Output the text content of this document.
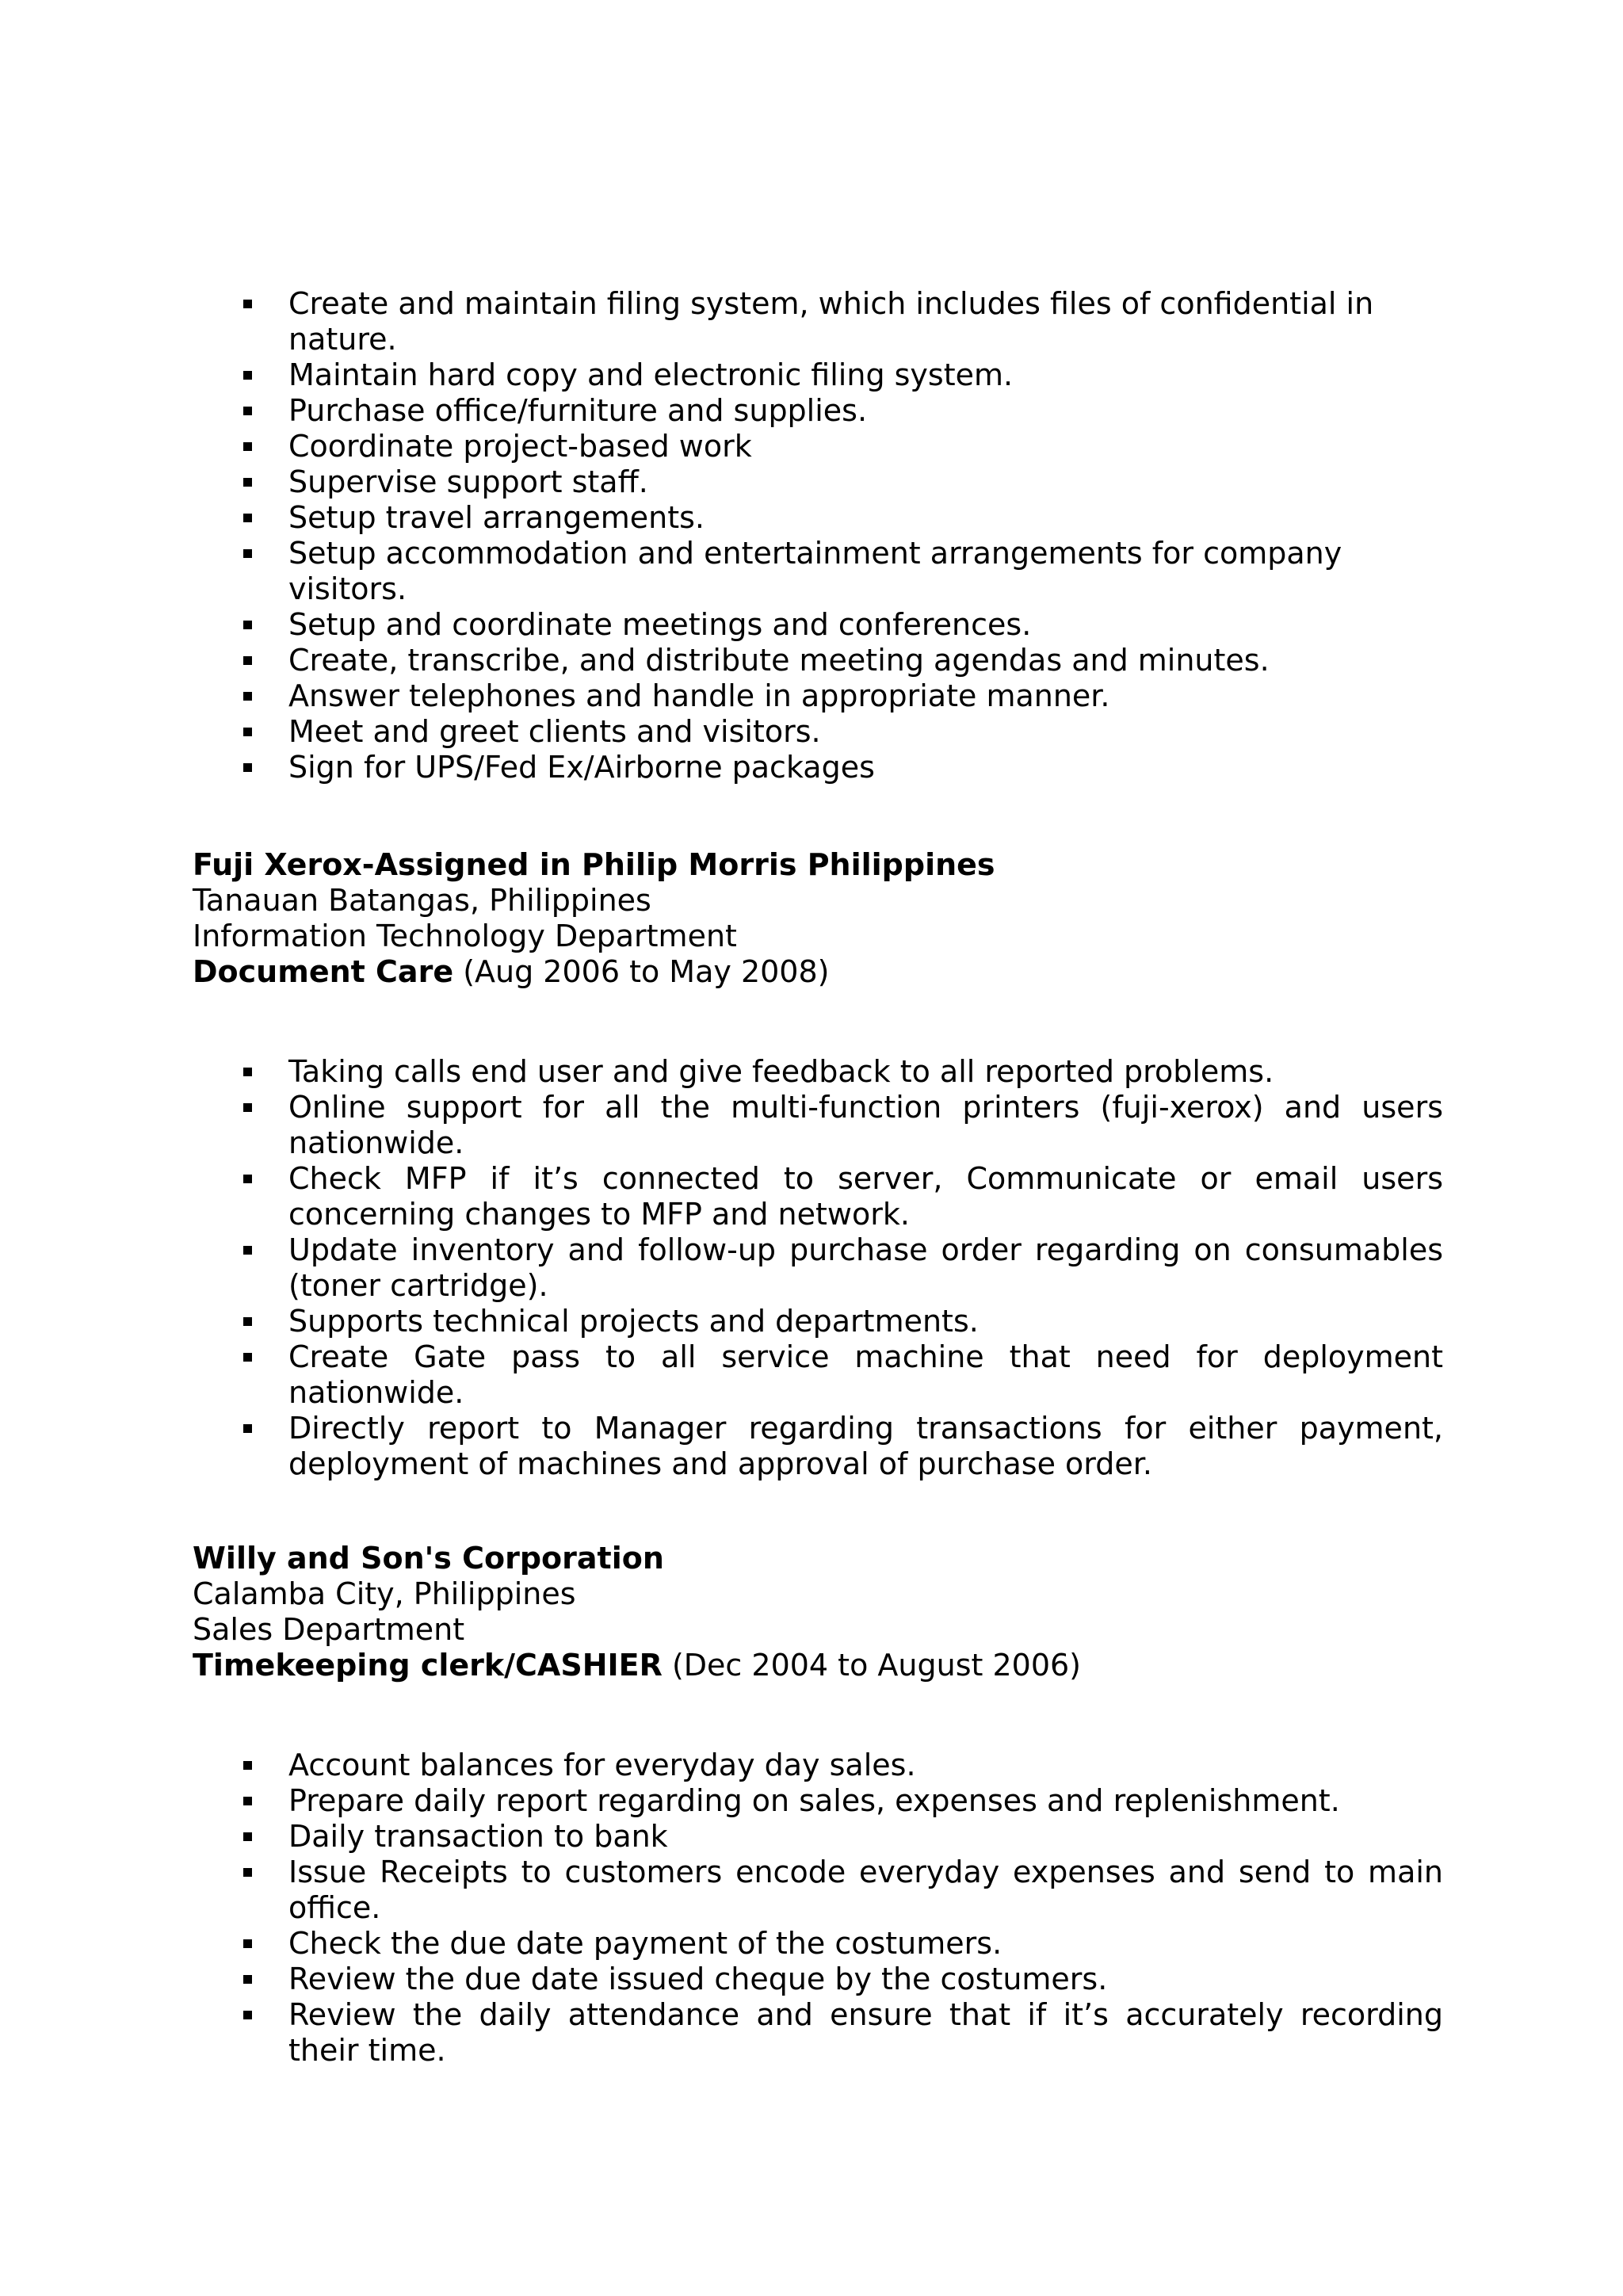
Create and maintain filing system, which includes files of confidential in nature.
Maintain hard copy and electronic filing system.
Purchase office/furniture and supplies.
Coordinate project-based work
Supervise support staff.
Setup travel arrangements.
Setup accommodation and entertainment arrangements for company visitors.
Setup and coordinate meetings and conferences.
Create, transcribe, and distribute meeting agendas and minutes.
Answer telephones and handle in appropriate manner.
Meet and greet clients and visitors.
Sign for UPS/Fed Ex/Airborne packages
Fuji Xerox-Assigned in Philip Morris Philippines
Tanauan Batangas, Philippines
Information Technology Department
Document Care (Aug 2006 to May 2008)
Taking calls end user and give feedback to all reported problems.
Online support for all the multi-function printers (fuji-xerox) and users nationwide.
Check MFP if it’s connected to server, Communicate or email users concerning changes to MFP and network.
Update inventory and follow-up purchase order regarding on consumables (toner cartridge).
Supports technical projects and departments.
Create Gate pass to all service machine that need for deployment nationwide.
Directly report to Manager regarding transactions for either payment, deployment of machines and approval of purchase order.
Willy and Son's Corporation
Calamba City, Philippines
Sales Department
Timekeeping clerk/CASHIER (Dec 2004 to August 2006)
Account balances for everyday day sales.
Prepare daily report regarding on sales, expenses and replenishment.
Daily transaction to bank
Issue Receipts to customers encode everyday expenses and send to main office.
Check the due date payment of the costumers.
Review the due date issued cheque by the costumers.
Review the daily attendance and ensure that if it’s accurately recording their time.
